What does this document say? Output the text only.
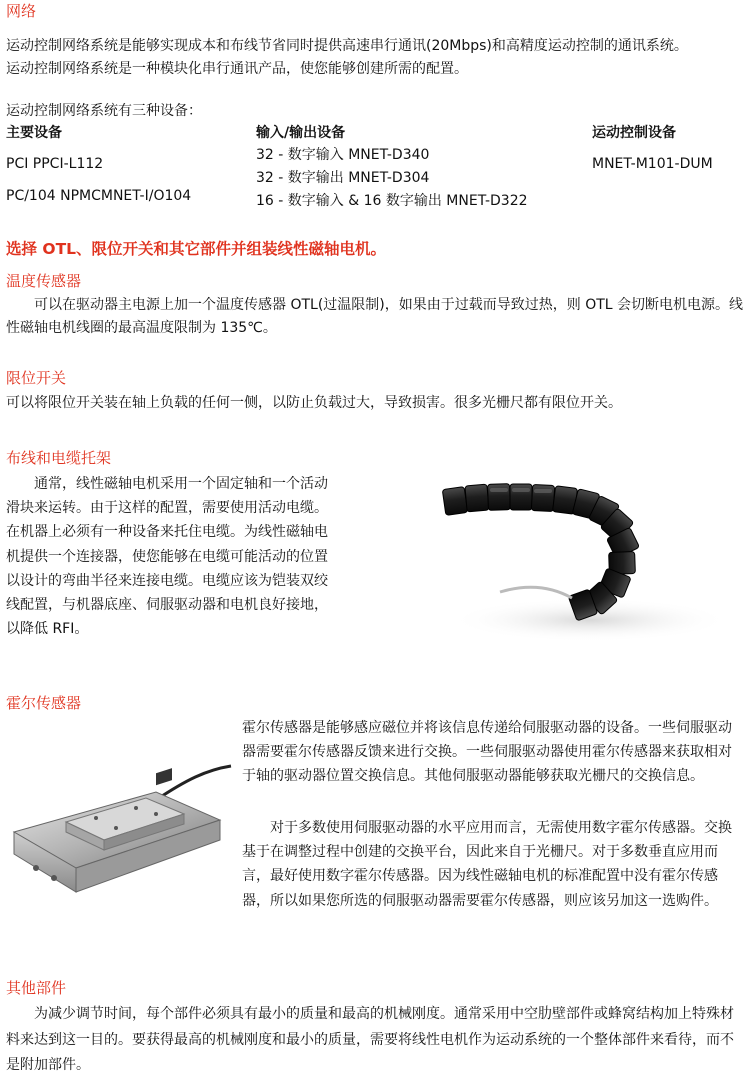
网络

运动控制网络系统是能够实现成本和布线节省同时提供高速串行通讯(20Mbps)和高精度运动控制的通讯系统。

运动控制网络系统是一种模块化串行通讯产品，使您能够创建所需的配置。

运动控制网络系统有三种设备：

主要设备
PCI PPCI-L112
PC/104 NPMCMNET-I/O104
输入/输出设备
32 - 数字输入 MNET-D340
32 - 数字输出 MNET-D304
16 - 数字输入 & 16 数字输出 MNET-D322
运动控制设备
MNET-M101-DUM
选择 OTL、限位开关和其它部件并组装线性磁轴电机。
温度传感器

可以在驱动器主电源上加一个温度传感器 OTL(过温限制)，如果由于过载而导致过热，则 OTL 会切断电机电源。线性磁轴电机线圈的最高温度限制为 135℃。

限位开关

可以将限位开关装在轴上负载的任何一侧，以防止负载过大，导致损害。很多光栅尺都有限位开关。

布线和电缆托架

通常，线性磁轴电机采用一个固定轴和一个活动滑块来运转。由于这样的配置，需要使用活动电缆。在机器上必须有一种设备来托住电缆。为线性磁轴电机提供一个连接器，使您能够在电缆可能活动的位置以设计的弯曲半径来连接电缆。电缆应该为铠装双绞线配置，与机器底座、伺服驱动器和电机良好接地，以降低 RFI。

霍尔传感器

霍尔传感器是能够感应磁位并将该信息传递给伺服驱动器的设备。一些伺服驱动器需要霍尔传感器反馈来进行交换。一些伺服驱动器使用霍尔传感器来获取相对于轴的驱动器位置交换信息。其他伺服驱动器能够获取光栅尺的交换信息。

对于多数使用伺服驱动器的水平应用而言，无需使用数字霍尔传感器。交换基于在调整过程中创建的交换平台，因此来自于光栅尺。对于多数垂直应用而言，最好使用数字霍尔传感器。因为线性磁轴电机的标准配置中没有霍尔传感器，所以如果您所选的伺服驱动器需要霍尔传感器，则应该另加这一选购件。

其他部件

为减少调节时间，每个部件必须具有最小的质量和最高的机械刚度。通常采用中空肋壁部件或蜂窝结构加上特殊材料来达到这一目的。要获得最高的机械刚度和最小的质量，需要将线性电机作为运动系统的一个整体部件来看待，而不是附加部件。
